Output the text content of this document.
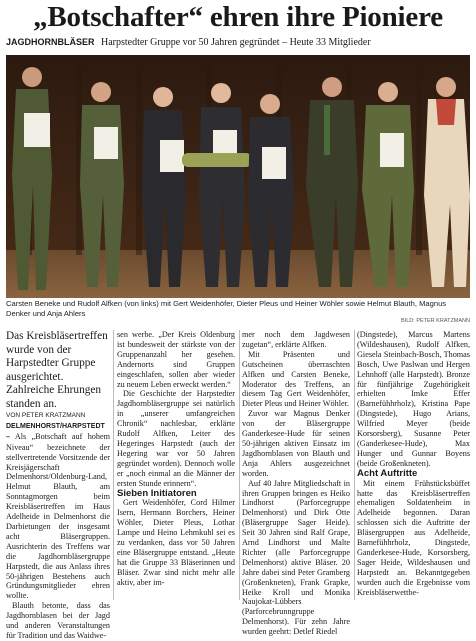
„Botschafter“ ehren ihre Pioniere
JAGDHORNBLÄSER Harpstedter Gruppe vor 50 Jahren gegründet – Heute 33 Mitglieder
Carsten Beneke und Rudolf Alfken (von links) mit Gert Weidenhöfer, Dieter Pleus und Heiner Wöhler sowie Helmut Blauth, Magnus Denker und Anja Ahlers
BILD: PETER KRATZMANN

Das Kreisbläsertreffen wurde von der Harpstedter Gruppe ausgerichtet. Zahlreiche Ehrungen standen an.

VON PETER KRATZMANN

DELMENHORST/HARPSTEDT – Als „Botschaft auf hohem Niveau“ bezeichnete der stellvertretende Vorsitzende der Kreisjägerschaft Delmenhorst/Oldenburg-Land, Helmut Blauth, am Sonntagmorgen beim Kreisbläsertreffen im Haus Adelheide in Delmenhorst die Darbietungen der insgesamt acht Bläsergruppen. Ausrichterin des Treffens war die Jagdhornbläsergruppe Harpstedt, die aus Anlass ihres 50-jährigen Bestehens auch Gründungsmitglieder ehren wollte.

Blauth betonte, dass das Jagdhornblasen bei der Jagd und anderen Veranstaltungen für Tradition und das Waidwe-

sen werbe. „Der Kreis Oldenburg ist bundesweit der stärkste von der Gruppenanzahl her gesehen. Andernorts sind Gruppen eingeschlafen, sollen aber wieder zu neuem Leben erweckt werden.“

Die Geschichte der Harpstedter Jagdhornbläsergruppe sei natürlich in „unserer umfangreichen Chronik“ nachlesbar, erklärte Rudolf Alfken, Leiter des Hegeringes Harpstedt (auch der Hegering war vor 50 Jahren gegründet worden). Dennoch wolle er „noch einmal an die Männer der ersten Stunde erinnern“.

Sieben Initiatoren

Gert Weidenhöfer, Cord Hilmer Isern, Hermann Borchers, Heiner Wöhler, Dieter Pleus, Lothar Lampe und Heino Lehmkuhl sei es zu verdanken, dass vor 50 Jahren eine Bläsergruppe entstand. „Heute hat die Gruppe 33 Bläserinnen und Bläser. Zwar sind nicht mehr alle aktiv, aber im-

mer noch dem Jagdwesen zugetan“, erklärte Alfken.

Mit Präsenten und Gutscheinen überraschten Alfken und Carsten Beneke, Moderator des Treffens, an diesem Tag Gert Weidenhöfer, Dieter Pleus und Heiner Wöhler.

Zuvor war Magnus Denker von der Bläsergruppe Ganderkesee-Hude für seinen 50-jährigen aktiven Einsatz im Jagdhornblasen von Blauth und Anja Ahlers ausgezeichnet worden.

Auf 40 Jahre Mitgliedschaft in ihren Gruppen bringen es Heiko Lindhorst (Parforcegruppe Delmenhorst) und Dirk Otte (Bläsergruppe Sager Heide). Seit 30 Jahren sind Ralf Grape, Arnd Lindhorst und Malte Richter (alle Parforcegruppe Delmenhorst) aktive Bläser. 20 Jahre dabei sind Peter Gramberg (Großenkneten), Frank Grapke, Heike Kroll und Monika Naujokat-Lübbers (Parforcebrunngruppe Delmenhorst). Für zehn Jahre wurden geehrt: Detlef Riedel

(Dingstede), Marcus Martens (Wildeshausen), Rudolf Alfken, Giesela Steinbach-Bosch, Thomas Bosch, Uwe Paslwan und Hergen Lehnhoff (alle Harpstedt). Bronze für fünfjährige Zugehörigkeit erhielten Imke Effer (Barnefühhrholz), Kristina Pape (Dingstede), Hugo Arians, Wilfried Meyer (beide Korsorsberg), Susanne Peter (Ganderkesee-Hude), Max Hunger und Gunnar Boyens (beide Großenkneten).

Acht Auftritte

Mit einem Frühstücksbüffet hatte das Kreisbläsertreffen ehemaligen Soldatenheim in Adelheide begonnen. Daran schlossen sich die Auftritte der Bläsergruppen aus Adelheide, Barnefühhrholz, Dingstede, Ganderkesee-Hude, Korsorsberg, Sager Heide, Wildeshausen und Harpstedt an. Bekanntgegeben wurden auch die Ergebnisse vom Kreisbläserwettbe-
